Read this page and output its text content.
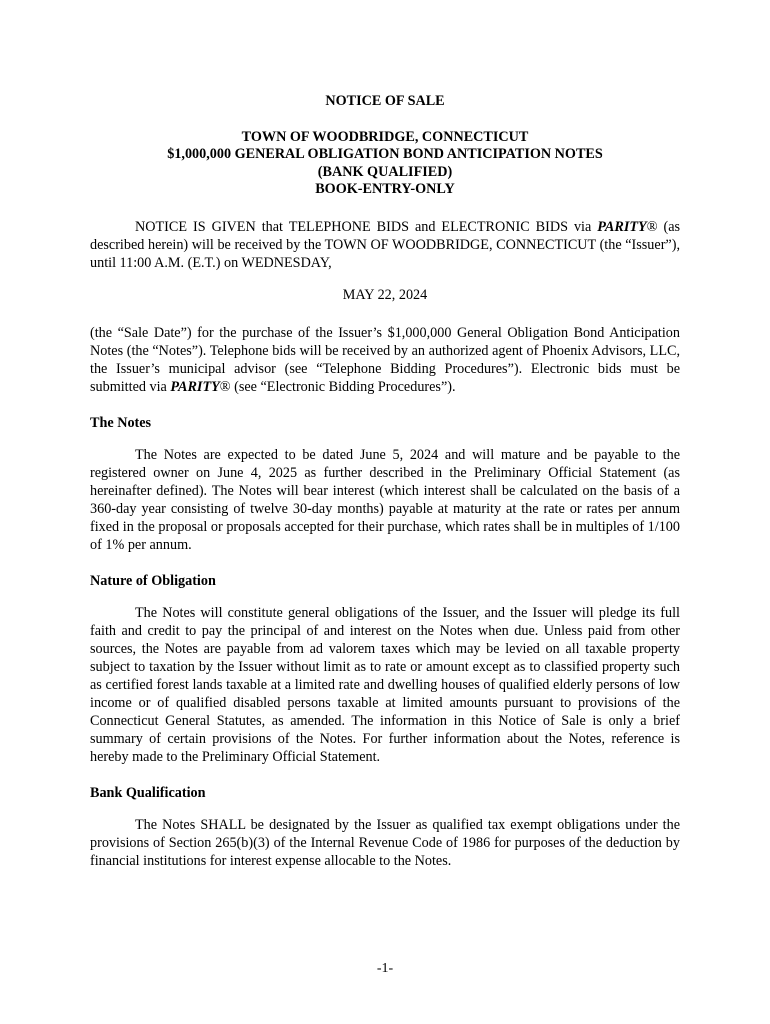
NOTICE OF SALE

TOWN OF WOODBRIDGE, CONNECTICUT

$1,000,000 GENERAL OBLIGATION BOND ANTICIPATION NOTES

(BANK QUALIFIED)

BOOK-ENTRY-ONLY

NOTICE IS GIVEN that TELEPHONE BIDS and ELECTRONIC BIDS via PARITY® (as described herein) will be received by the TOWN OF WOODBRIDGE, CONNECTICUT (the “Issuer”), until 11:00 A.M. (E.T.) on WEDNESDAY,

MAY 22, 2024

(the “Sale Date”) for the purchase of the Issuer’s $1,000,000 General Obligation Bond Anticipation Notes (the “Notes”). Telephone bids will be received by an authorized agent of Phoenix Advisors, LLC, the Issuer’s municipal advisor (see “Telephone Bidding Procedures”). Electronic bids must be submitted via PARITY® (see “Electronic Bidding Procedures”).

The Notes

The Notes are expected to be dated June 5, 2024 and will mature and be payable to the registered owner on June 4, 2025 as further described in the Preliminary Official Statement (as hereinafter defined). The Notes will bear interest (which interest shall be calculated on the basis of a 360-day year consisting of twelve 30-day months) payable at maturity at the rate or rates per annum fixed in the proposal or proposals accepted for their purchase, which rates shall be in multiples of 1/100 of 1% per annum.

Nature of Obligation

The Notes will constitute general obligations of the Issuer, and the Issuer will pledge its full faith and credit to pay the principal of and interest on the Notes when due. Unless paid from other sources, the Notes are payable from ad valorem taxes which may be levied on all taxable property subject to taxation by the Issuer without limit as to rate or amount except as to classified property such as certified forest lands taxable at a limited rate and dwelling houses of qualified elderly persons of low income or of qualified disabled persons taxable at limited amounts pursuant to provisions of the Connecticut General Statutes, as amended. The information in this Notice of Sale is only a brief summary of certain provisions of the Notes. For further information about the Notes, reference is hereby made to the Preliminary Official Statement.

Bank Qualification

The Notes SHALL be designated by the Issuer as qualified tax exempt obligations under the provisions of Section 265(b)(3) of the Internal Revenue Code of 1986 for purposes of the deduction by financial institutions for interest expense allocable to the Notes.

-1-
